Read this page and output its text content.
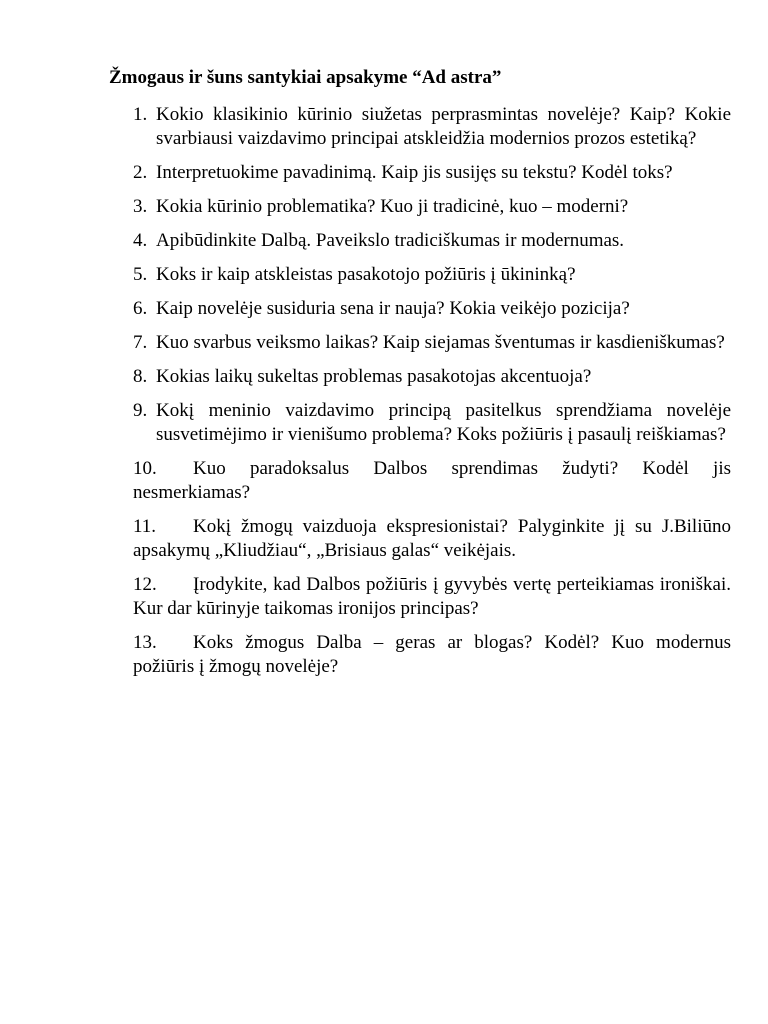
Žmogaus ir šuns santykiai apsakyme “Ad astra”
1. Kokio klasikinio kūrinio siužetas perprasmintas novelėje? Kaip? Kokie svarbiausi vaizdavimo principai atskleidžia modernios prozos estetiką?
2. Interpretuokime pavadinimą. Kaip jis susijęs su tekstu? Kodėl toks?
3. Kokia kūrinio problematika? Kuo ji tradicinė, kuo – moderni?
4. Apibūdinkite Dalbą. Paveikslo tradiciškumas ir modernumas.
5. Koks ir kaip atskleistas pasakotojo požiūris į ūkininką?
6. Kaip novelėje susiduria sena ir nauja? Kokia veikėjo pozicija?
7. Kuo svarbus veiksmo laikas? Kaip siejamas šventumas ir kasdieniškumas?
8. Kokias laikų sukeltas problemas pasakotojas akcentuoja?
9. Kokį meninio vaizdavimo principą pasitelkus sprendžiama novelėje susvetimėjimo ir vienišumo problema? Koks požiūris į pasaulį reiškiamas?
10. Kuo paradoksalus Dalbos sprendimas žudyti? Kodėl jis nesmerkiamas?
11. Kokį žmogų vaizduoja ekspresionistai? Palyginkite jį su J.Biliūno apsakymų „Kliudžiau“, „Brisiaus galas“ veikėjais.
12. Įrodykite, kad Dalbos požiūris į gyvybės vertę perteikiamas ironiškai. Kur dar kūrinyje taikomas ironijos principas?
13. Koks žmogus Dalba – geras ar blogas? Kodėl? Kuo modernus požiūris į žmogų novelėje?
